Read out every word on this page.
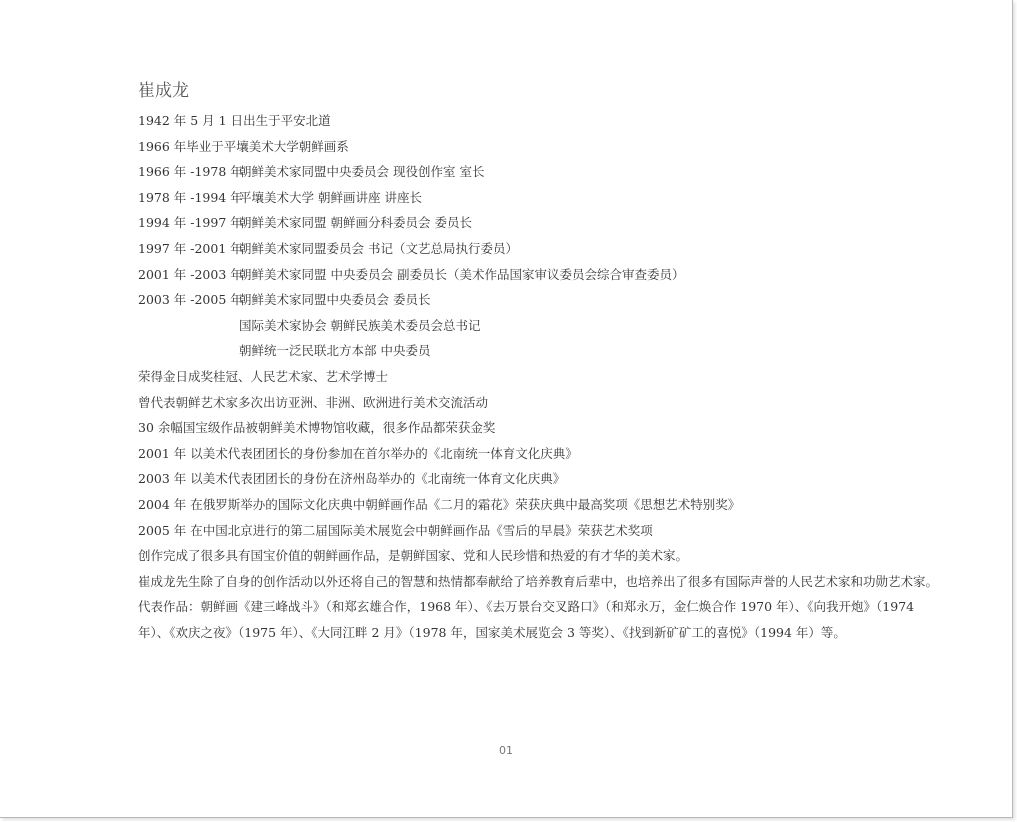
崔成龙
1942 年 5 月 1 日出生于平安北道
1966 年毕业于平壤美术大学朝鲜画系
1966 年 -1978 年朝鲜美术家同盟中央委员会 现役创作室 室长
1978 年 -1994 年平壤美术大学 朝鲜画讲座 讲座长
1994 年 -1997 年朝鲜美术家同盟 朝鲜画分科委员会 委员长
1997 年 -2001 年朝鲜美术家同盟委员会 书记（文艺总局执行委员）
2001 年 -2003 年朝鲜美术家同盟 中央委员会 副委员长（美术作品国家审议委员会综合审查委员）
2003 年 -2005 年朝鲜美术家同盟中央委员会 委员长
国际美术家协会 朝鲜民族美术委员会总书记
朝鲜统一泛民联北方本部 中央委员
荣得金日成奖桂冠、人民艺术家、艺术学博士
曾代表朝鲜艺术家多次出访亚洲、非洲、欧洲进行美术交流活动
30 余幅国宝级作品被朝鲜美术博物馆收藏，很多作品都荣获金奖
2001 年 以美术代表团团长的身份参加在首尔举办的《北南统一体育文化庆典》
2003 年 以美术代表团团长的身份在济州岛举办的《北南统一体育文化庆典》
2004 年 在俄罗斯举办的国际文化庆典中朝鲜画作品《二月的霜花》荣获庆典中最高奖项《思想艺术特别奖》
2005 年 在中国北京进行的第二届国际美术展览会中朝鲜画作品《雪后的早晨》荣获艺术奖项
创作完成了很多具有国宝价值的朝鲜画作品，是朝鲜国家、党和人民珍惜和热爱的有才华的美术家。
崔成龙先生除了自身的创作活动以外还将自己的智慧和热情都奉献给了培养教育后辈中，也培养出了很多有国际声誉的人民艺术家和功勋艺术家。
代表作品：朝鲜画《建三峰战斗》（和郑玄雄合作，1968 年）、《去万景台交叉路口》（和郑永万，金仁焕合作 1970 年）、《向我开炮》（1974 年）、《欢庆之夜》（1975 年）、《大同江畔 2 月》（1978 年，国家美术展览会 3 等奖）、《找到新矿矿工的喜悦》（1994 年）等。
01
